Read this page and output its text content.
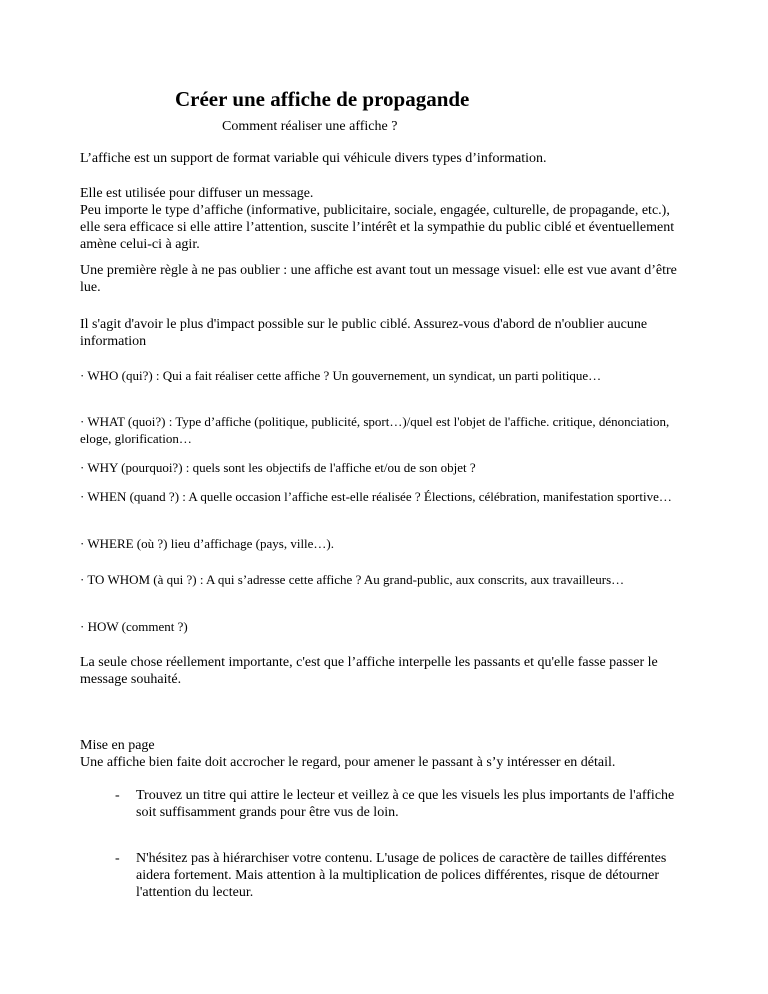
Créer une affiche de propagande

Comment réaliser une affiche ?

L’affiche est un support de format variable qui véhicule divers types d’information.

Elle est utilisée pour diffuser un message.
Peu importe le type d’affiche (informative, publicitaire, sociale, engagée, culturelle, de propagande, etc.), elle sera efficace si elle attire l’attention, suscite l’intérêt et la sympathie du public ciblé et éventuellement amène celui-ci à agir.

Une première règle à ne pas oublier : une affiche est avant tout un message visuel: elle est vue avant d’être lue.

Il s'agit d'avoir le plus d'impact possible sur le public ciblé. Assurez-vous d'abord de n'oublier aucune information

· WHO (qui?) : Qui a fait réaliser cette affiche ? Un gouvernement, un syndicat, un parti politique…

· WHAT (quoi?) : Type d’affiche (politique, publicité, sport…)/quel est l'objet de l'affiche. critique, dénonciation, eloge, glorification…

· WHY (pourquoi?) : quels sont les objectifs de l'affiche et/ou de son objet ?

· WHEN (quand ?) : A quelle occasion l’affiche est-elle réalisée ? Élections, célébration, manifestation sportive…

· WHERE (où ?) lieu d’affichage (pays, ville…).

· TO WHOM (à qui ?) : A qui s’adresse cette affiche ? Au grand-public, aux conscrits, aux travailleurs…

· HOW (comment ?)

La seule chose réellement importante, c'est que l’affiche interpelle les passants et qu'elle fasse passer le message souhaité.

Mise en page
Une affiche bien faite doit accrocher le regard, pour amener le passant à s’y intéresser en détail.

- Trouvez un titre qui attire le lecteur et veillez à ce que les visuels les plus importants de l'affiche soit suffisamment grands pour être vus de loin.
- N'hésitez pas à hiérarchiser votre contenu. L'usage de polices de caractère de tailles différentes aidera fortement. Mais attention à la multiplication de polices différentes, risque de détourner l'attention du lecteur.
